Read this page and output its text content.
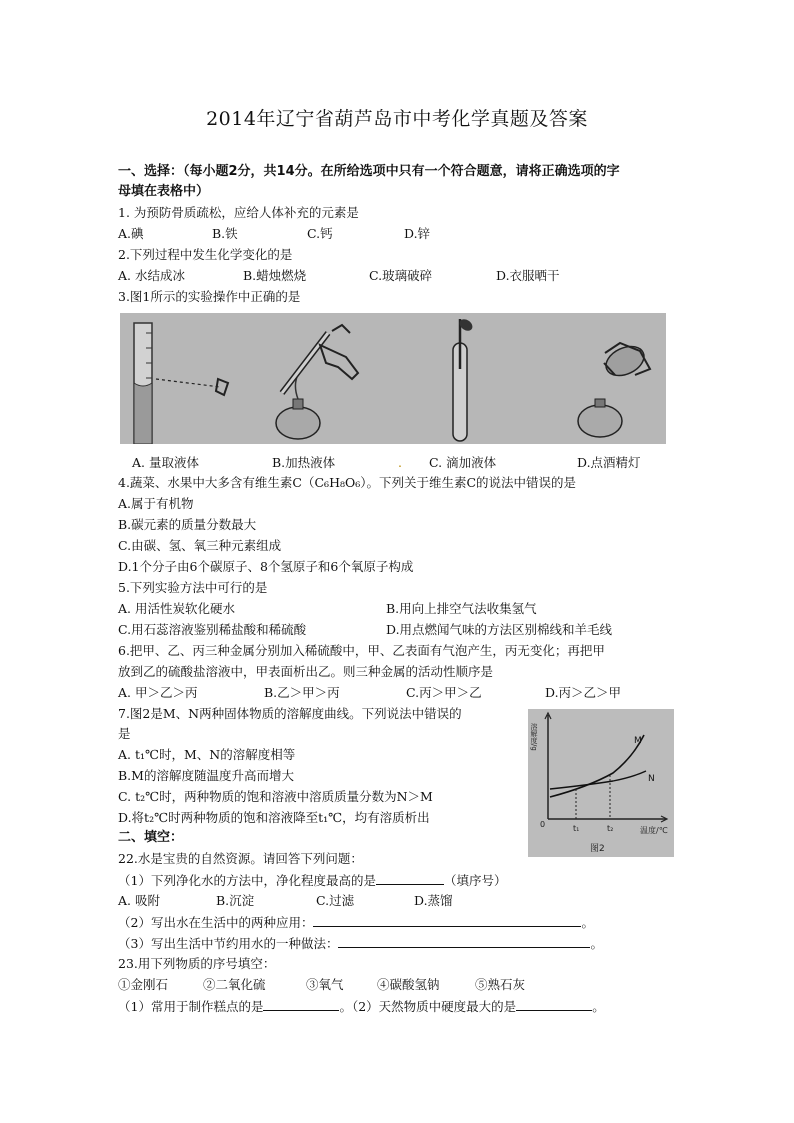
2014年辽宁省葫芦岛市中考化学真题及答案
一、选择：（每小题2分，共14分。在所给选项中只有一个符合题意，请将正确选项的字
母填在表格中）
1. 为预防骨质疏松，应给人体补充的元素是
A.碘	B.铁	C.钙	D.锌
2.下列过程中发生化学变化的是
A. 水结成冰	B.蜡烛燃烧	C.玻璃破碎	D.衣服晒干
3.图1所示的实验操作中正确的是
A. 量取液体	B.加热液体	. C. 滴加液体	D.点酒精灯
4.蔬菜、水果中大多含有维生素C（C₆H₈O₆）。下列关于维生素C的说法中错误的是
A.属于有机物
B.碳元素的质量分数最大
C.由碳、氢、氧三种元素组成
D.1个分子由6个碳原子、8个氢原子和6个氧原子构成
5.下列实验方法中可行的是
A. 用活性炭软化硬水	B.用向上排空气法收集氢气
C.用石蕊溶液鉴别稀盐酸和稀硫酸	D.用点燃闻气味的方法区别棉线和羊毛线
6.把甲、乙、丙三种金属分别加入稀硫酸中，甲、乙表面有气泡产生，丙无变化；再把甲
放到乙的硫酸盐溶液中，甲表面析出乙。则三种金属的活动性顺序是
A. 甲＞乙＞丙	B.乙＞甲＞丙	C.丙＞甲＞乙	D.丙＞乙＞甲
7.图2是M、N两种固体物质的溶解度曲线。下列说法中错误的
是
A. t₁℃时，M、N的溶解度相等
B.M的溶解度随温度升高而增大
C. t₂℃时，两种物质的饱和溶液中溶质质量分数为N＞M
D.将t₂℃时两种物质的饱和溶液降至t₁℃，均有溶质析出
溶解度/g
温度/℃
0	t₁	t₂
M
N
图2
二、填空：
22.水是宝贵的自然资源。请回答下列问题：
（1）下列净化水的方法中，净化程度最高的是	（填序号）
A. 吸附	B.沉淀	C.过滤	D.蒸馏
（2）写出水在生活中的两种应用：	。
（3）写出生活中节约用水的一种做法：	。
23.用下列物质的序号填空：
①金刚石	②二氧化硫	③氧气	④碳酸氢钠	⑤熟石灰
（1）常用于制作糕点的是	。（2）天然物质中硬度最大的是	。
